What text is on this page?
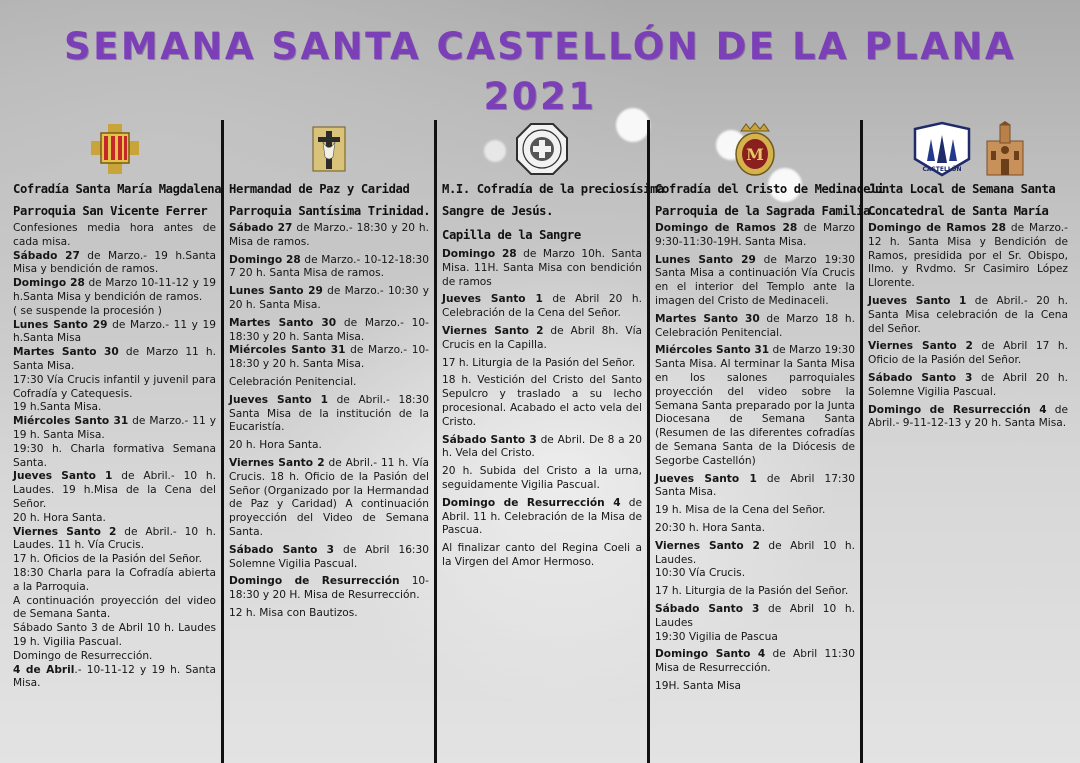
SEMANA SANTA CASTELLÓN DE LA PLANA
2021
Cofradía Santa María Magdalena
Parroquia San Vicente Ferrer

Confesiones media hora antes de cada misa.

Sábado 27 de Marzo.- 19 h.Santa Misa y bendición de ramos.

Domingo 28 de Marzo 10-11-12 y 19 h.Santa Misa y bendición de ramos.

( se suspende la procesión )

Lunes Santo 29 de Marzo.- 11 y 19 h.Santa Misa

Martes Santo 30 de Marzo 11 h. Santa Misa.

17:30 Vía Crucis infantil y juvenil para Cofradía y Catequesis.

19 h.Santa Misa.

Miércoles Santo 31 de Marzo.- 11 y 19 h. Santa Misa.

19:30 h. Charla formativa Semana Santa.

Jueves Santo 1 de Abril.- 10 h. Laudes. 19 h.Misa de la Cena del Señor.

20 h. Hora Santa.

Viernes Santo 2 de Abril.- 10 h. Laudes. 11 h. Vía Crucis.

17 h. Oficios de la Pasión del Señor.

18:30 Charla para la Cofradía abierta a la Parroquia.

A continuación proyección del video de Semana Santa.

Sábado Santo 3 de Abril 10 h. Laudes 19 h. Vigilia Pascual.

Domingo de Resurrección.

4 de Abril.- 10-11-12 y 19 h. Santa Misa.

Hermandad de Paz y Caridad
Parroquia Santísima Trinidad.

Sábado 27 de Marzo.- 18:30 y 20 h. Misa de ramos.

Domingo 28 de Marzo.- 10-12-18:30 7 20 h. Santa Misa de ramos.

Lunes Santo 29 de Marzo.- 10:30 y 20 h. Santa Misa.

Martes Santo 30 de Marzo.- 10-18:30 y 20 h. Santa Misa.

Miércoles Santo 31 de Marzo.- 10-18:30 y 20 h. Santa Misa.

Celebración Penitencial.

Jueves Santo 1 de Abril.- 18:30 Santa Misa de la institución de la Eucaristía.

20 h. Hora Santa.

Viernes Santo 2 de Abril.- 11 h. Vía Crucis. 18 h. Oficio de la Pasión del Señor (Organizado por la Hermandad de Paz y Caridad) A continuación proyección del Video de Semana Santa.

Sábado Santo 3 de Abril 16:30 Solemne Vigilia Pascual.

Domingo de Resurrección 10-18:30 y 20 H. Misa de Resurrección.

12 h. Misa con Bautizos.

M.I. Cofradía de la preciosísima
Sangre de Jesús.
Capilla de la Sangre

Domingo 28 de Marzo 10h. Santa Misa. 11H. Santa Misa con bendición de ramos

Jueves Santo 1 de Abril 20 h. Celebración de la Cena del Señor.

Viernes Santo 2 de Abril 8h. Vía Crucis en la Capilla.

17 h. Liturgia de la Pasión del Señor.

18 h. Vestición del Cristo del Santo Sepulcro y traslado a su lecho procesional. Acabado el acto vela del Cristo.

Sábado Santo 3 de Abril. De 8 a 20 h. Vela del Cristo.

20 h. Subida del Cristo a la urna, seguidamente Vigilia Pascual.

Domingo de Resurrección 4 de Abril. 11 h. Celebración de la Misa de Pascua.

Al finalizar canto del Regina Coeli a la Virgen del Amor Hermoso.

M
Cofradía del Cristo de Medinaceli.
Parroquia de la Sagrada Familia.

Domingo de Ramos 28 de Marzo 9:30-11:30-19H. Santa Misa.

Lunes Santo 29 de Marzo 19:30 Santa Misa a continuación Vía Crucis en el interior del Templo ante la imagen del Cristo de Medinaceli.

Martes Santo 30 de Marzo 18 h. Celebración Penitencial.

Miércoles Santo 31 de Marzo 19:30 Santa Misa. Al terminar la Santa Misa en los salones parroquiales proyección del video sobre la Semana Santa preparado por la Junta Diocesana de Semana Santa (Resumen de las diferentes cofradías de Semana Santa de la Diócesis de Segorbe Castellón)

Jueves Santo 1 de Abril 17:30 Santa Misa.

19 h. Misa de la Cena del Señor.

20:30 h. Hora Santa.

Viernes Santo 2 de Abril 10 h. Laudes.

10:30 Vía Crucis.

17 h. Liturgia de la Pasión del Señor.

Sábado Santo 3 de Abril 10 h. Laudes

19:30 Vigilia de Pascua

Domingo Santo 4 de Abril 11:30 Misa de Resurrección.

19H. Santa Misa

CASTELLÓN
Junta Local de Semana Santa
Concatedral de Santa María

Domingo de Ramos 28 de Marzo.- 12 h. Santa Misa y Bendición de Ramos, presidida por el Sr. Obispo, Ilmo. y Rvdmo. Sr Casimiro López Llorente.

Jueves Santo 1 de Abril.- 20 h. Santa Misa celebración de la Cena del Señor.

Viernes Santo 2 de Abril 17 h. Oficio de la Pasión del Señor.

Sábado Santo 3 de Abril 20 h. Solemne Vigilia Pascual.

Domingo de Resurrección 4 de Abril.- 9-11-12-13 y 20 h. Santa Misa.
